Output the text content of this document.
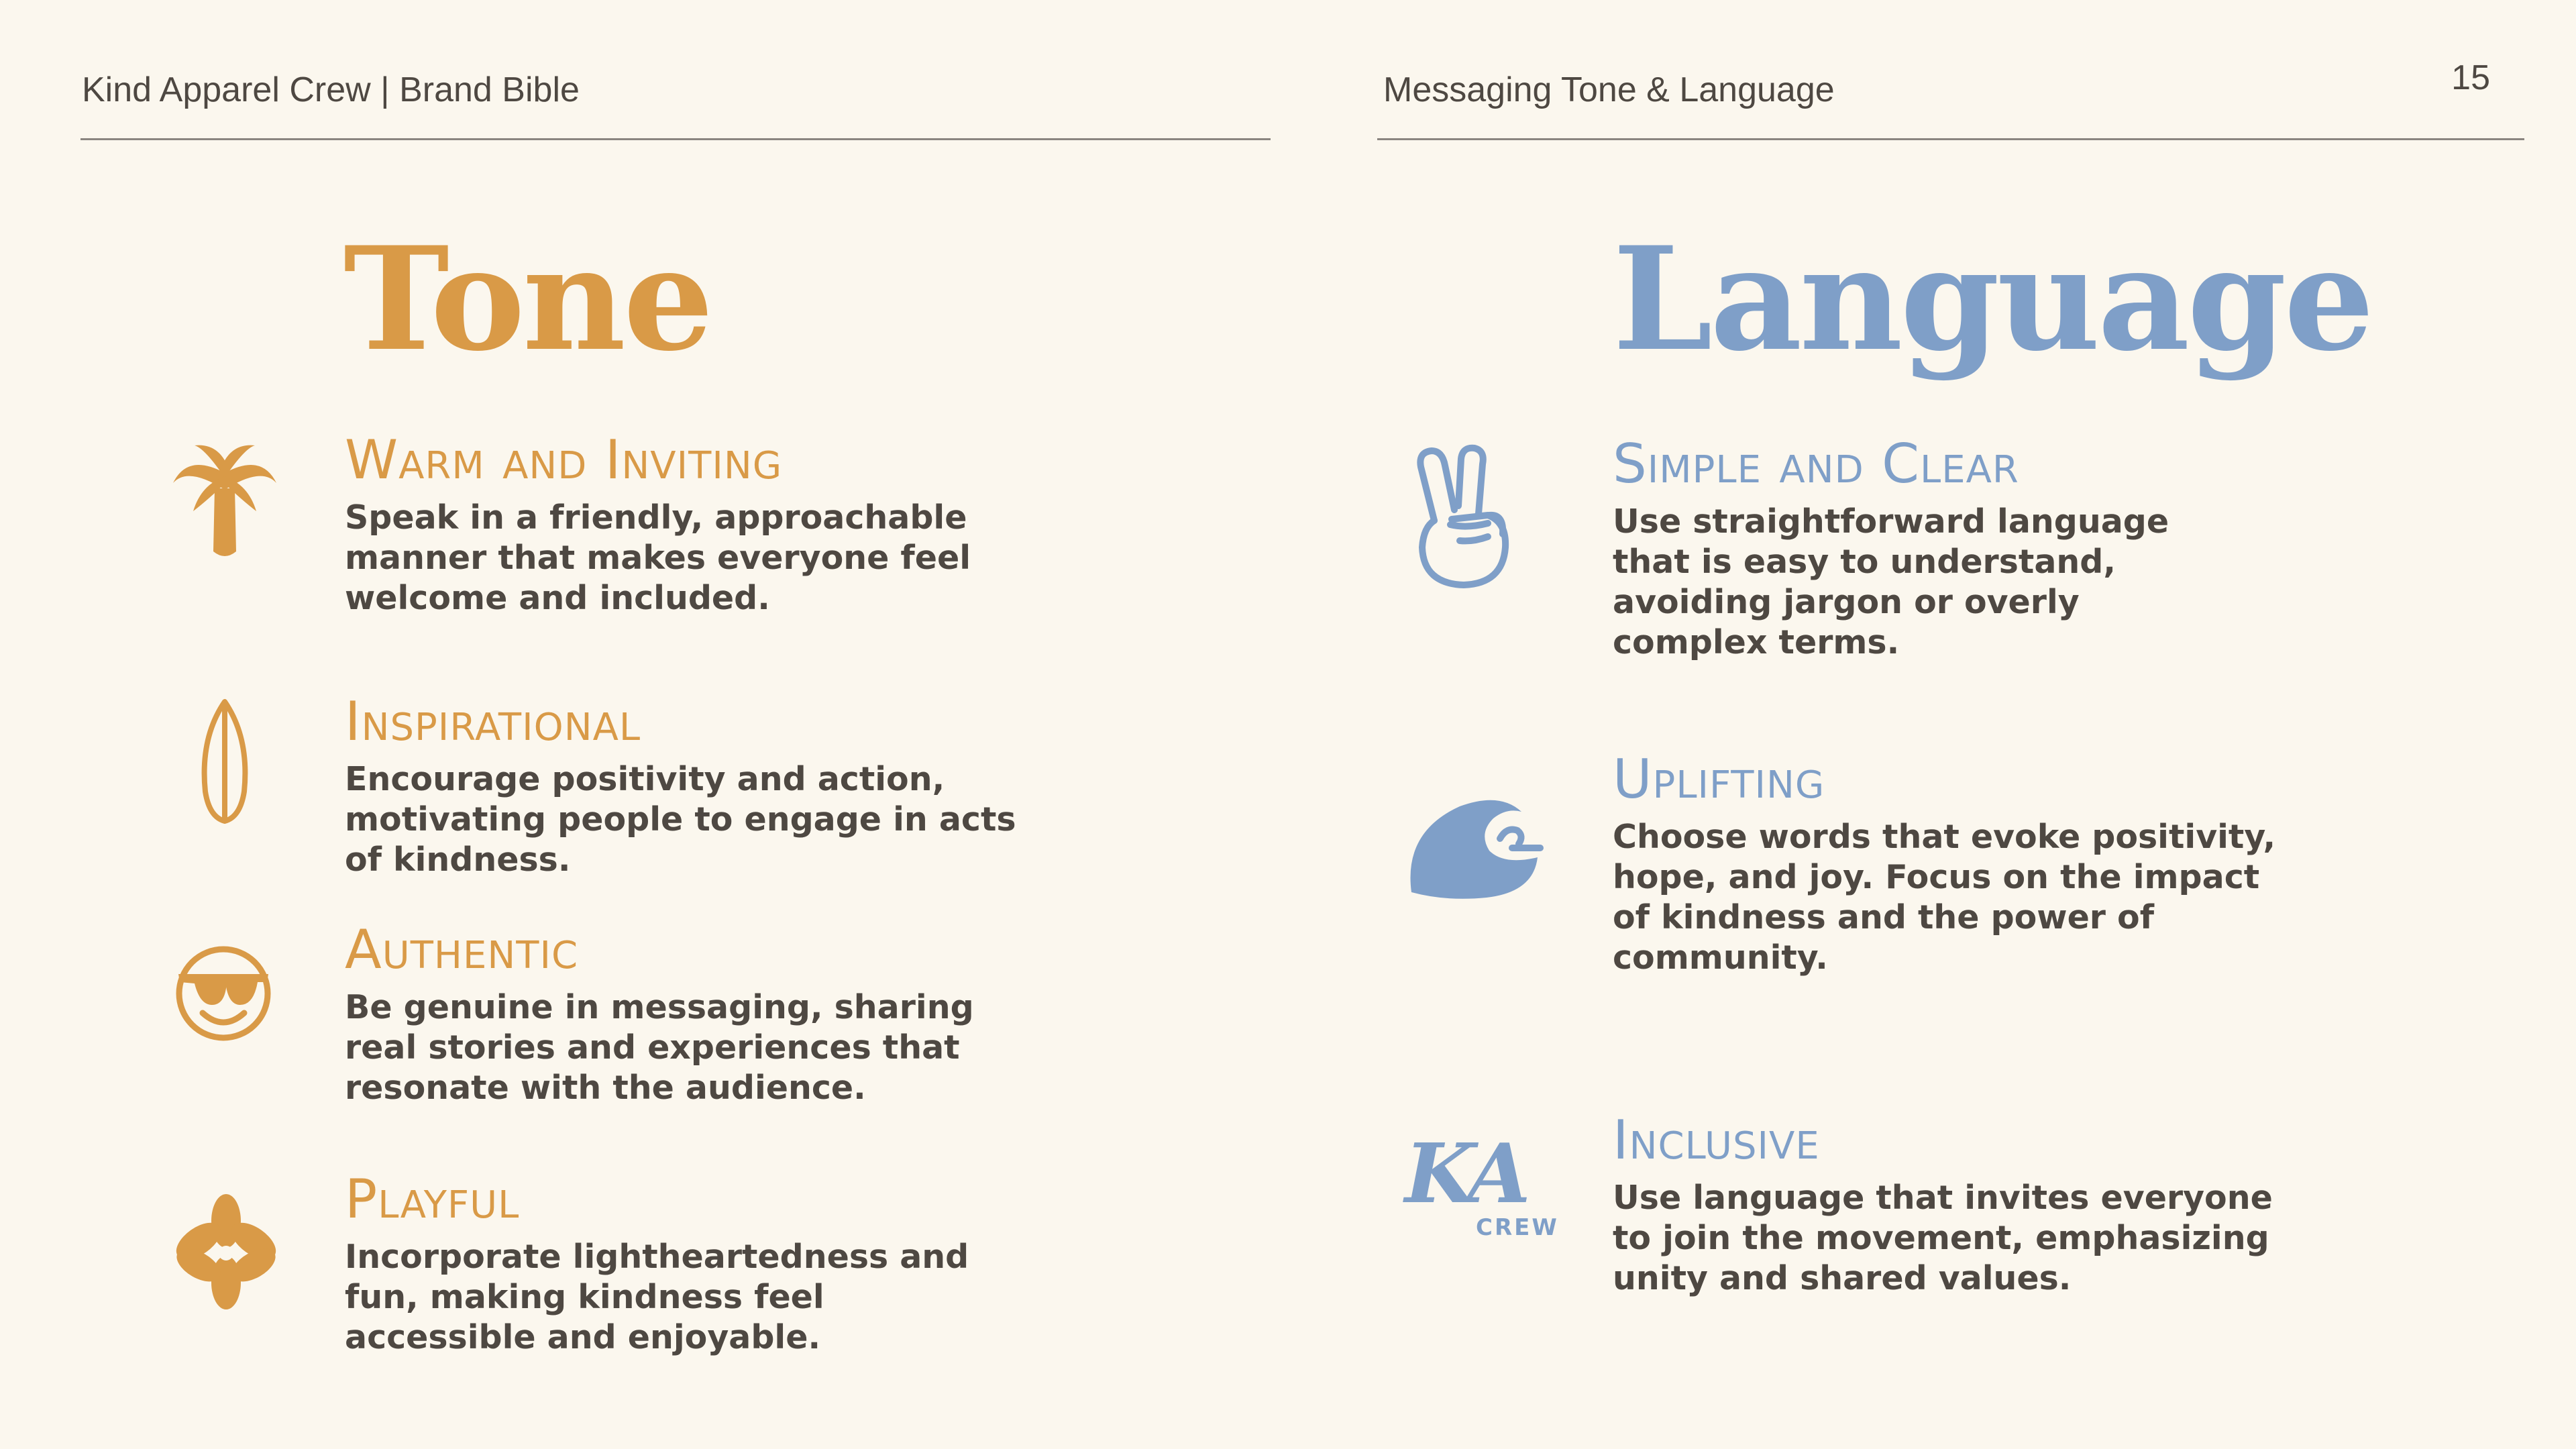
Kind Apparel Crew | Brand Bible	Messaging Tone & Language	15
Tone	Language
Warm and Inviting

Speak in a friendly, approachable manner that makes everyone feel welcome and included.

Inspirational

Encourage positivity and action, motivating people to engage in acts of kindness.

Authentic

Be genuine in messaging, sharing real stories and experiences that resonate with the audience.

Playful

Incorporate lightheartedness and fun, making kindness feel accessible and enjoyable.

Simple and Clear

Use straightforward language that is easy to understand, avoiding jargon or overly complex terms.

Uplifting

Choose words that evoke positivity, hope, and joy. Focus on the impact of kindness and the power of community.

KA
CREW
Inclusive

Use language that invites everyone to join the movement, emphasizing unity and shared values.
